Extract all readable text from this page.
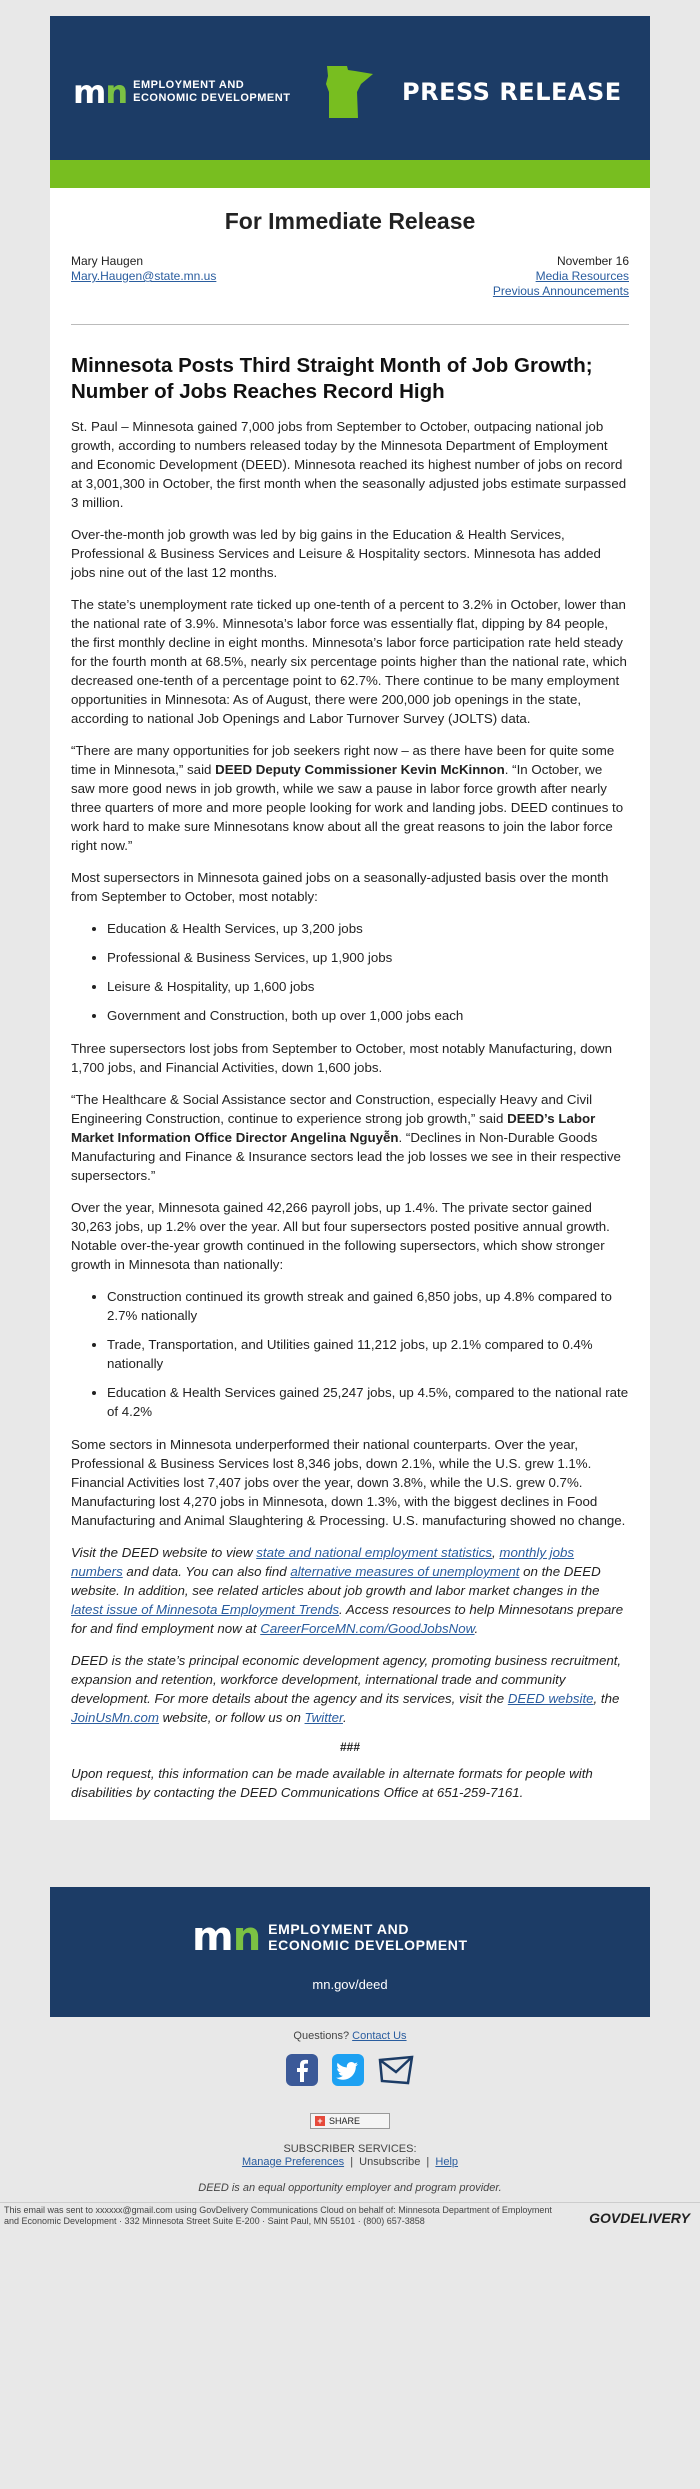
mn EMPLOYMENT AND
ECONOMIC DEVELOPMENT	PRESS RELEASE
For Immediate Release
Mary Haugen
Mary.Haugen@state.mn.us
November 16
Media Resources
Previous Announcements
Minnesota Posts Third Straight Month of Job Growth; Number of Jobs Reaches Record High

St. Paul – Minnesota gained 7,000 jobs from September to October, outpacing national job growth, according to numbers released today by the Minnesota Department of Employment and Economic Development (DEED). Minnesota reached its highest number of jobs on record at 3,001,300 in October, the first month when the seasonally adjusted jobs estimate surpassed 3 million.

Over-the-month job growth was led by big gains in the Education & Health Services, Professional & Business Services and Leisure & Hospitality sectors. Minnesota has added jobs nine out of the last 12 months.

The state’s unemployment rate ticked up one-tenth of a percent to 3.2% in October, lower than the national rate of 3.9%. Minnesota’s labor force was essentially flat, dipping by 84 people, the first monthly decline in eight months. Minnesota’s labor force participation rate held steady for the fourth month at 68.5%, nearly six percentage points higher than the national rate, which decreased one-tenth of a percentage point to 62.7%. There continue to be many employment opportunities in Minnesota: As of August, there were 200,000 job openings in the state, according to national Job Openings and Labor Turnover Survey (JOLTS) data.

“There are many opportunities for job seekers right now – as there have been for quite some time in Minnesota,” said DEED Deputy Commissioner Kevin McKinnon. “In October, we saw more good news in job growth, while we saw a pause in labor force growth after nearly three quarters of more and more people looking for work and landing jobs. DEED continues to work hard to make sure Minnesotans know about all the great reasons to join the labor force right now.”

Most supersectors in Minnesota gained jobs on a seasonally-adjusted basis over the month from September to October, most notably:

• Education & Health Services, up 3,200 jobs
• Professional & Business Services, up 1,900 jobs
• Leisure & Hospitality, up 1,600 jobs
• Government and Construction, both up over 1,000 jobs each

Three supersectors lost jobs from September to October, most notably Manufacturing, down 1,700 jobs, and Financial Activities, down 1,600 jobs.

“The Healthcare & Social Assistance sector and Construction, especially Heavy and Civil Engineering Construction, continue to experience strong job growth,” said DEED’s Labor Market Information Office Director Angelina Nguyễn. “Declines in Non-Durable Goods Manufacturing and Finance & Insurance sectors lead the job losses we see in their respective supersectors.”

Over the year, Minnesota gained 42,266 payroll jobs, up 1.4%. The private sector gained 30,263 jobs, up 1.2% over the year. All but four supersectors posted positive annual growth. Notable over-the-year growth continued in the following supersectors, which show stronger growth in Minnesota than nationally:

• Construction continued its growth streak and gained 6,850 jobs, up 4.8% compared to 2.7% nationally
• Trade, Transportation, and Utilities gained 11,212 jobs, up 2.1% compared to 0.4% nationally
• Education & Health Services gained 25,247 jobs, up 4.5%, compared to the national rate of 4.2%

Some sectors in Minnesota underperformed their national counterparts. Over the year, Professional & Business Services lost 8,346 jobs, down 2.1%, while the U.S. grew 1.1%. Financial Activities lost 7,407 jobs over the year, down 3.8%, while the U.S. grew 0.7%. Manufacturing lost 4,270 jobs in Minnesota, down 1.3%, with the biggest declines in Food Manufacturing and Animal Slaughtering & Processing. U.S. manufacturing showed no change.

Visit the DEED website to view state and national employment statistics, monthly jobs numbers and data. You can also find alternative measures of unemployment on the DEED website. In addition, see related articles about job growth and labor market changes in the latest issue of Minnesota Employment Trends. Access resources to help Minnesotans prepare for and find employment now at CareerForceMN.com/GoodJobsNow.

DEED is the state’s principal economic development agency, promoting business recruitment, expansion and retention, workforce development, international trade and community development. For more details about the agency and its services, visit the DEED website, the JoinUsMn.com website, or follow us on Twitter.

###

Upon request, this information can be made available in alternate formats for people with disabilities by contacting the DEED Communications Office at 651-259-7161.

mn EMPLOYMENT AND
ECONOMIC DEVELOPMENT
mn.gov/deed
Questions? Contact Us
+ SHARE
SUBSCRIBER SERVICES:
Manage Preferences  |  Unsubscribe  |  Help
DEED is an equal opportunity employer and program provider.
This email was sent to xxxxxx@gmail.com using GovDelivery Communications Cloud on behalf of: Minnesota Department of Employment and Economic Development · 332 Minnesota Street Suite E-200 · Saint Paul, MN 55101 · (800) 657-3858	GOVDELIVERY
